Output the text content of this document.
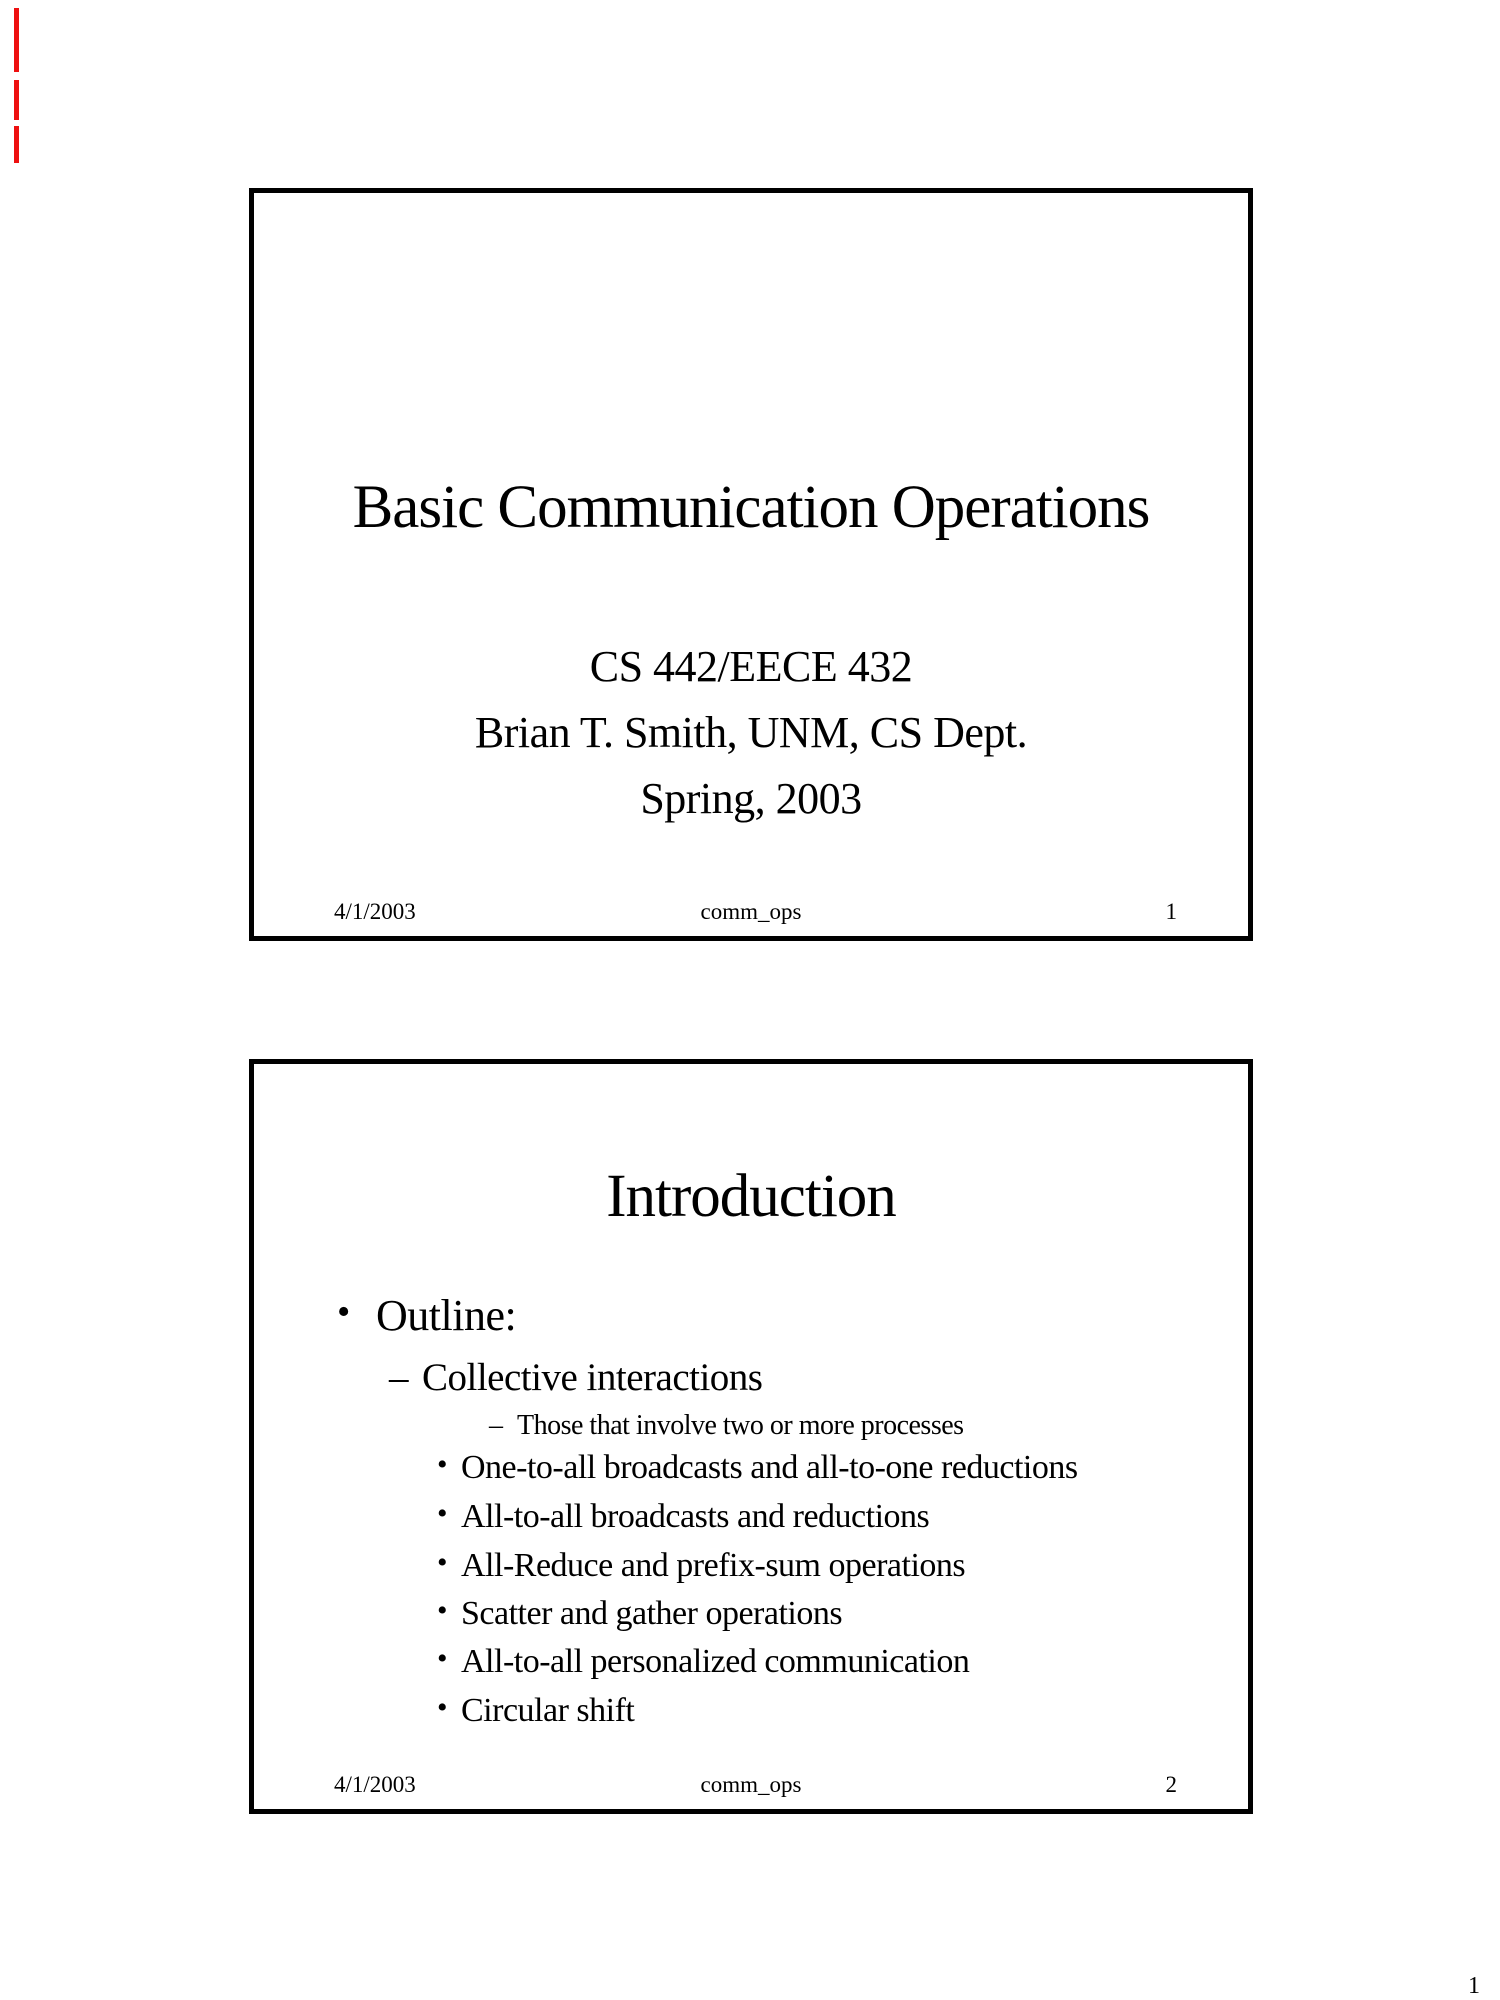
Basic Communication Operations
CS 442/EECE 432
Brian T. Smith, UNM, CS Dept.
Spring, 2003
comm_ops
4/1/2003	1
Introduction
• Outline:
– Collective interactions
– Those that involve two or more processes
• One-to-all broadcasts and all-to-one reductions
• All-to-all broadcasts and reductions
• All-Reduce and prefix-sum operations
• Scatter and gather operations
• All-to-all personalized communication
• Circular shift
comm_ops
4/1/2003	2
1
